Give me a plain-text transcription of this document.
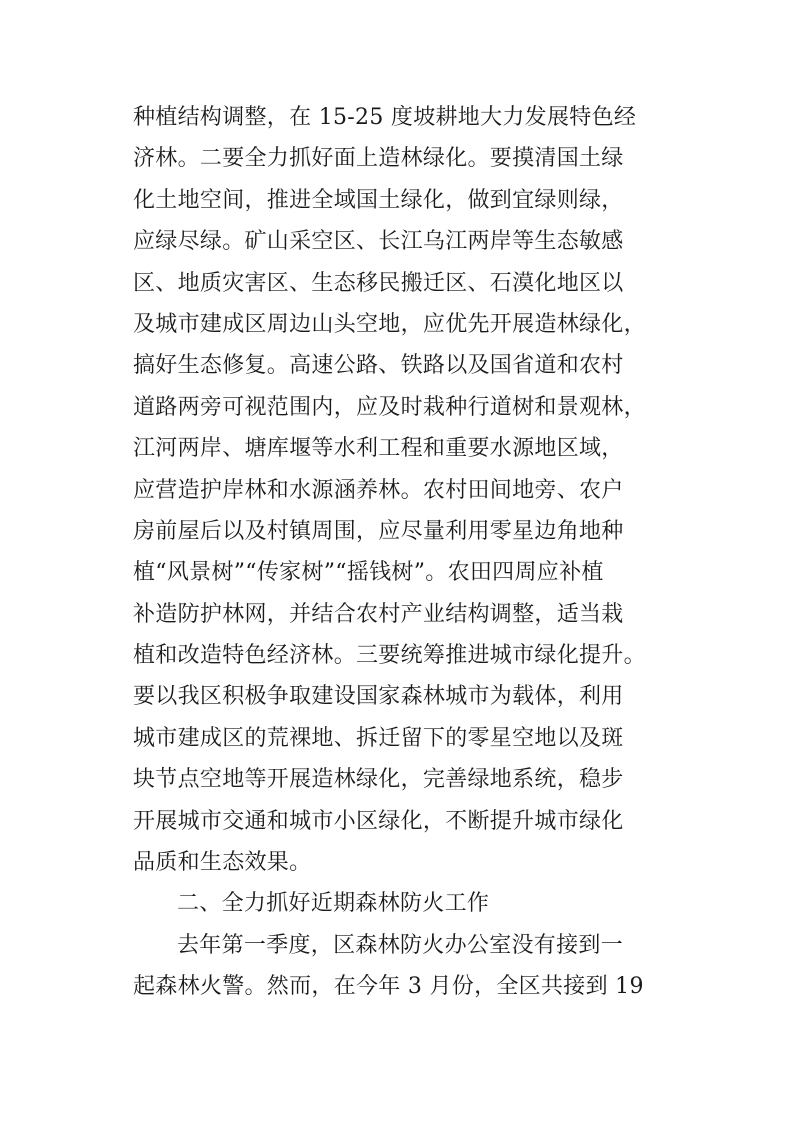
种植结构调整，在 15-25 度坡耕地大力发展特色经
济林。二要全力抓好面上造林绿化。要摸清国土绿
化土地空间，推进全域国土绿化，做到宜绿则绿，
应绿尽绿。矿山采空区、长江乌江两岸等生态敏感
区、地质灾害区、生态移民搬迁区、石漠化地区以
及城市建成区周边山头空地，应优先开展造林绿化，
搞好生态修复。高速公路、铁路以及国省道和农村
道路两旁可视范围内，应及时栽种行道树和景观林，
江河两岸、塘库堰等水利工程和重要水源地区域，
应营造护岸林和水源涵养林。农村田间地旁、农户
房前屋后以及村镇周围，应尽量利用零星边角地种
植“风景树”“传家树”“摇钱树”。农田四周应补植
补造防护林网，并结合农村产业结构调整，适当栽
植和改造特色经济林。三要统筹推进城市绿化提升。
要以我区积极争取建设国家森林城市为载体，利用
城市建成区的荒裸地、拆迁留下的零星空地以及斑
块节点空地等开展造林绿化，完善绿地系统，稳步
开展城市交通和城市小区绿化，不断提升城市绿化
品质和生态效果。
二、全力抓好近期森林防火工作
去年第一季度，区森林防火办公室没有接到一
起森林火警。然而，在今年 3 月份，全区共接到 19
